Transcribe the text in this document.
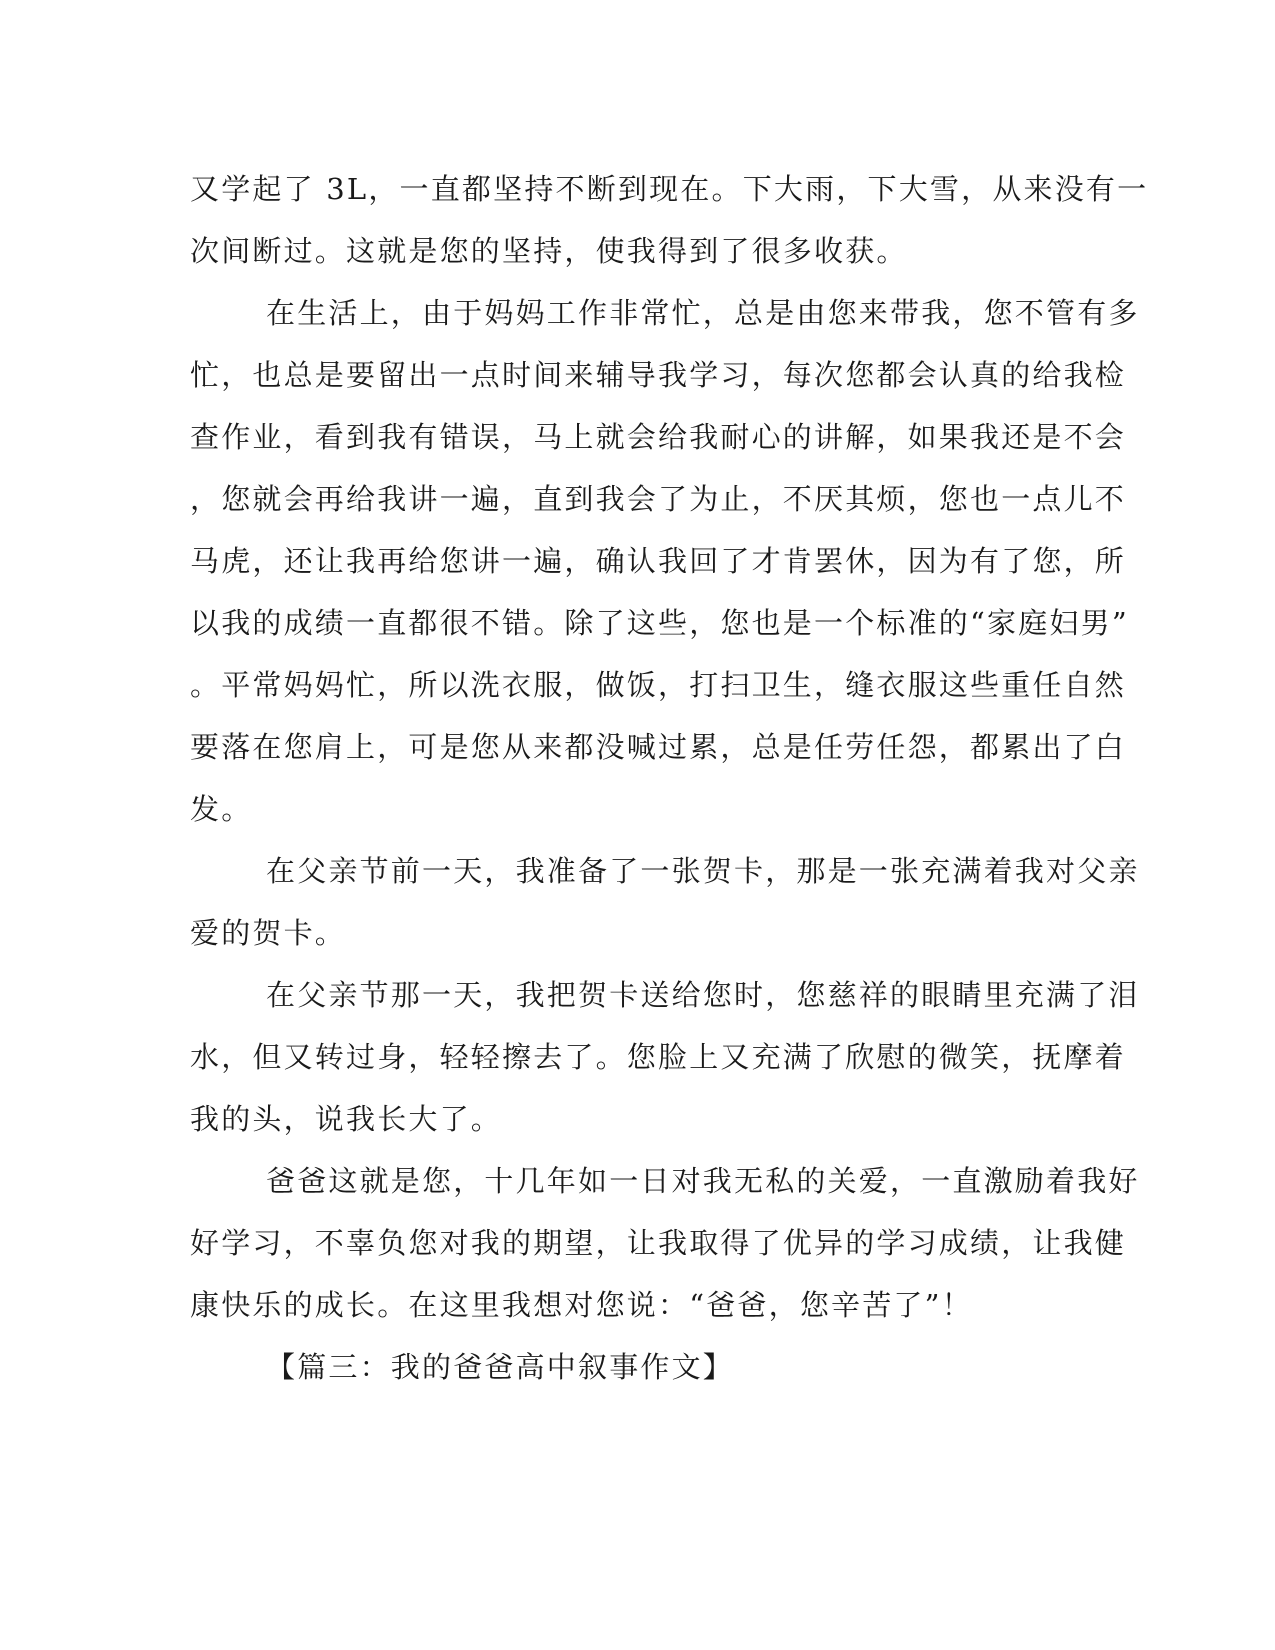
又学起了 3L，一直都坚持不断到现在。下大雨，下大雪，从来没有一
次间断过。这就是您的坚持，使我得到了很多收获。
在生活上，由于妈妈工作非常忙，总是由您来带我，您不管有多
忙，也总是要留出一点时间来辅导我学习，每次您都会认真的给我检
查作业，看到我有错误，马上就会给我耐心的讲解，如果我还是不会
，您就会再给我讲一遍，直到我会了为止，不厌其烦，您也一点儿不
马虎，还让我再给您讲一遍，确认我回了才肯罢休，因为有了您，所
以我的成绩一直都很不错。除了这些，您也是一个标准的“家庭妇男”
。平常妈妈忙，所以洗衣服，做饭，打扫卫生，缝衣服这些重任自然
要落在您肩上，可是您从来都没喊过累，总是任劳任怨，都累出了白
发。
在父亲节前一天，我准备了一张贺卡，那是一张充满着我对父亲
爱的贺卡。
在父亲节那一天，我把贺卡送给您时，您慈祥的眼睛里充满了泪
水，但又转过身，轻轻擦去了。您脸上又充满了欣慰的微笑，抚摩着
我的头，说我长大了。
爸爸这就是您，十几年如一日对我无私的关爱，一直激励着我好
好学习，不辜负您对我的期望，让我取得了优异的学习成绩，让我健
康快乐的成长。在这里我想对您说：“爸爸，您辛苦了”！
【篇三：我的爸爸高中叙事作文】
